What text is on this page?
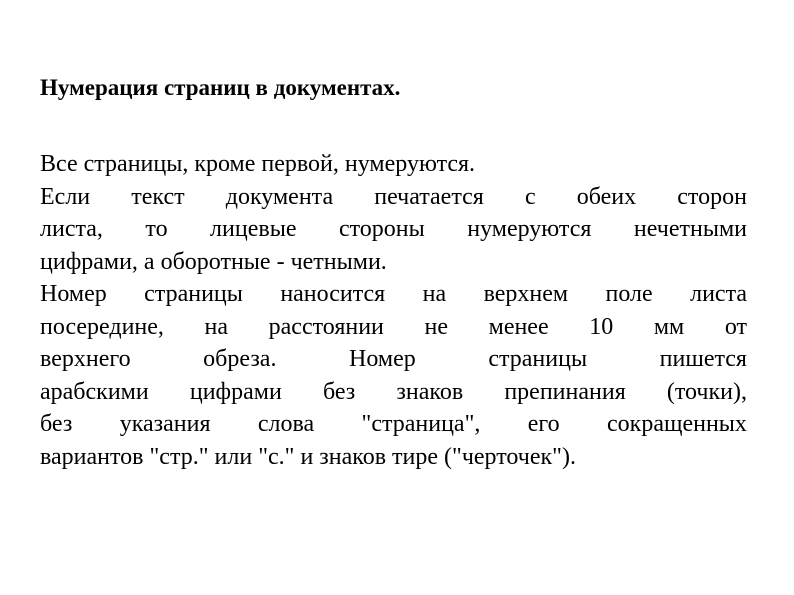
Нумерация страниц в документах.
Все страницы, кроме первой, нумеруются.
Если текст документа печатается с обеих сторон
листа, то лицевые стороны нумеруются нечетными
цифрами, а оборотные - четными.
Номер страницы наносится на верхнем поле листа
посередине, на расстоянии не менее 10 мм от
верхнего	обреза.	Номер	страницы	пишется
арабскими цифрами без знаков препинания (точки),
без указания слова "страница", его сокращенных
вариантов "стр." или "с." и знаков тире ("черточек").
